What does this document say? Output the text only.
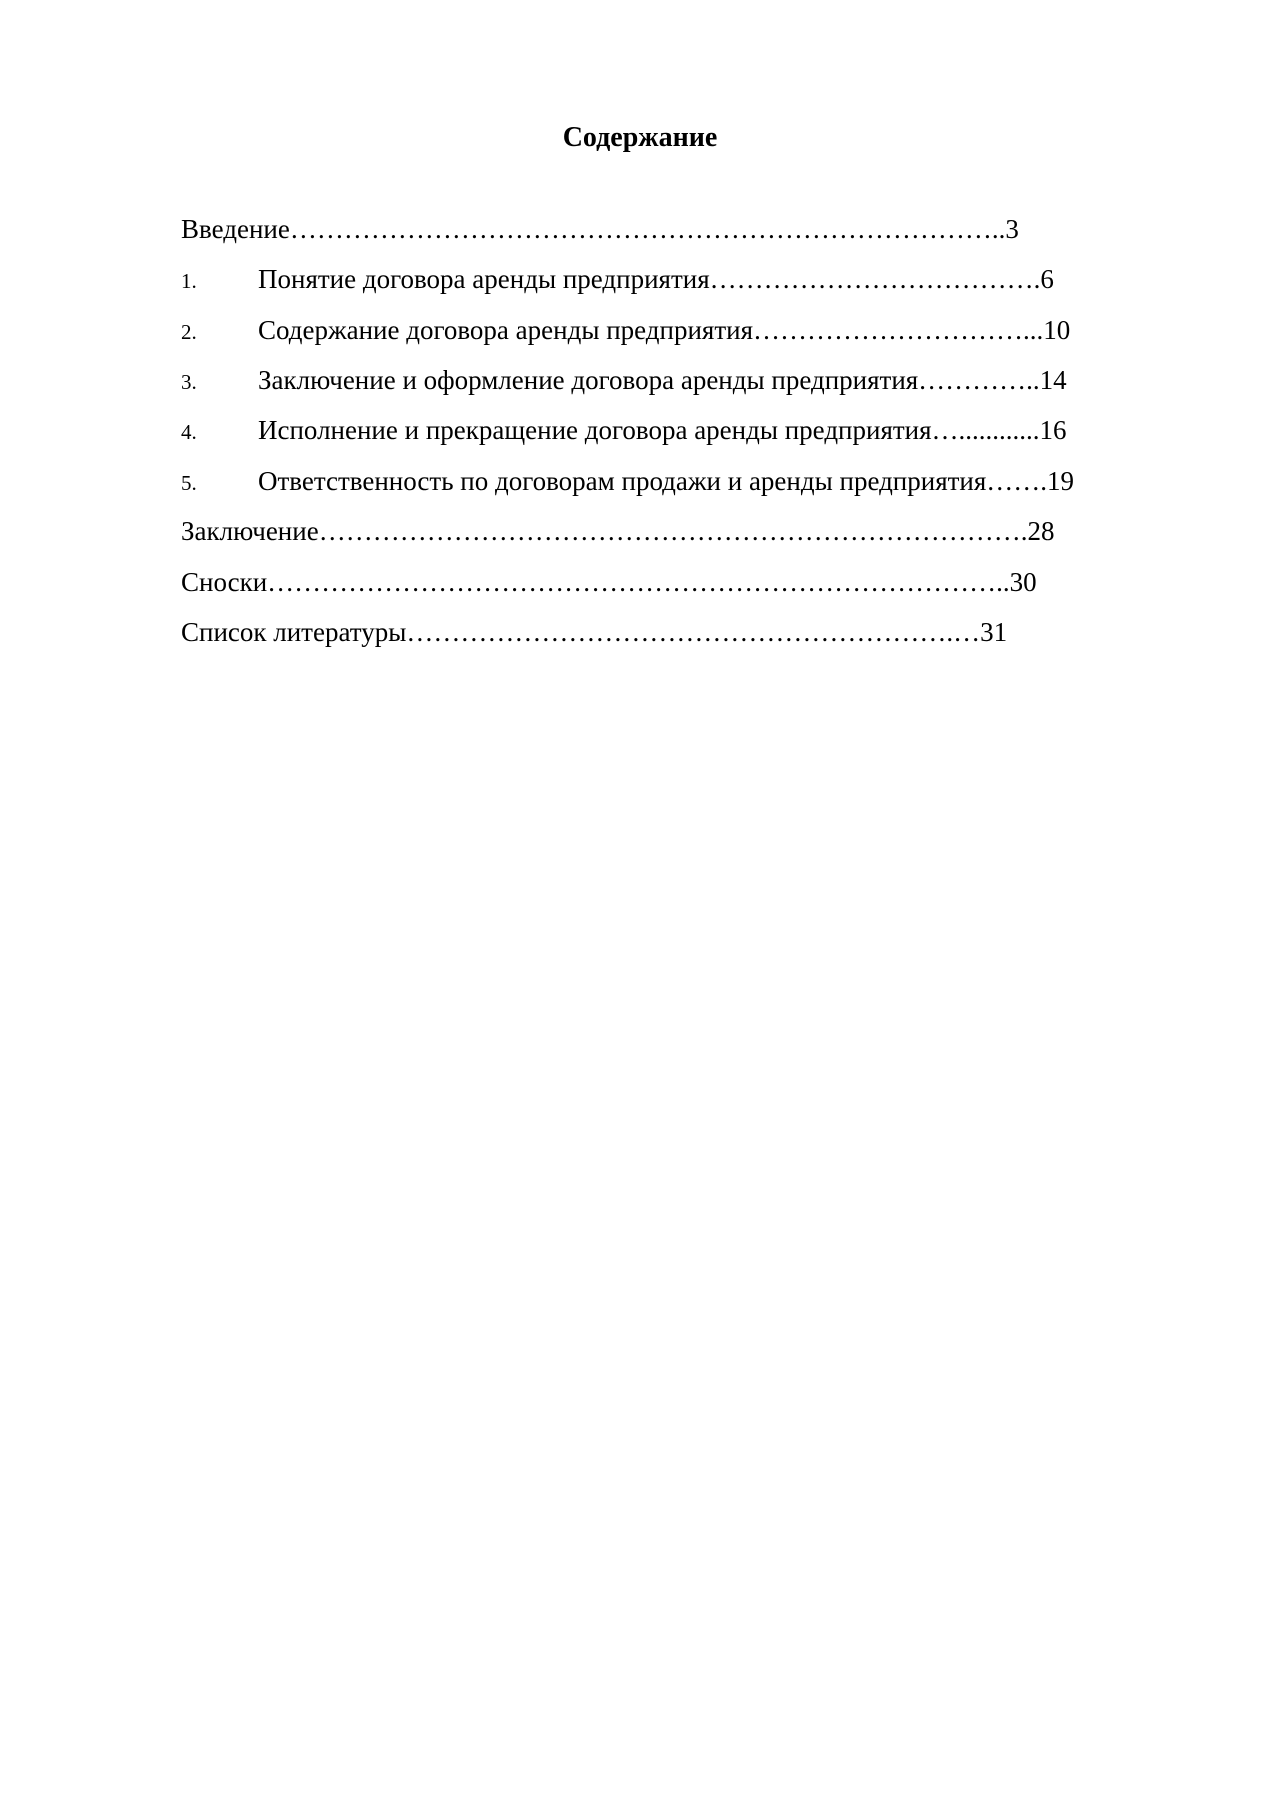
Содержание
Введение……………………………………………………………………..3
1. Понятие договора аренды предприятия……………………………….6
2. Содержание договора аренды предприятия…………………………...10
3. Заключение и оформление договора аренды предприятия…………..14
4. Исполнение и прекращение договора аренды предприятия…............16
5. Ответственность по договорам продажи и аренды предприятия…….19
Заключение…………………………………………………………………….28
Сноски………………………………………………………………………..30
Список литературы…………………………………………………….…31
